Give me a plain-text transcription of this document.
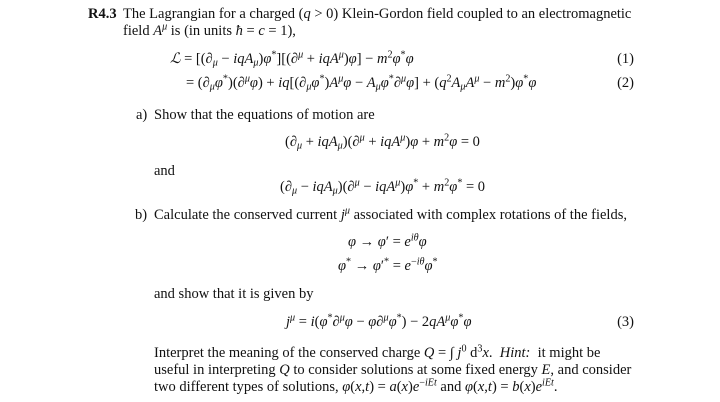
R4.3 The Lagrangian for a charged (q > 0) Klein-Gordon field coupled to an electromagnetic
field $A^\mu$ is (in units ħ = c = 1),
ℒ = $[(\partial_\mu - iqA_\mu)\varphi^*][(\partial^\mu + iqA^\mu)\varphi] - m^2\varphi^*\varphi$	(1)
= $(\partial_\mu\varphi^*)(\partial^\mu\varphi) + iq[(\partial_\mu\varphi^*)A^\mu\varphi - A_\mu\varphi^*\partial^\mu\varphi] + (q^2A_\mu A^\mu - m^2)\varphi^*\varphi$	(2)
a) Show that the equations of motion are
$(\partial_\mu + iqA_\mu)(\partial^\mu + iqA^\mu)\varphi + m^2\varphi = 0$
and
$(\partial_\mu - iqA_\mu)(\partial^\mu - iqA^\mu)\varphi^* + m^2\varphi^* = 0$
b) Calculate the conserved current $j^\mu$ associated with complex rotations of the fields,
$\varphi \to \varphi' = e^{i\theta}\varphi$
$\varphi^* \to \varphi'^* = e^{-i\theta}\varphi^*$
and show that it is given by
$j^\mu = i(\varphi^*\partial^\mu\varphi - \varphi\partial^\mu\varphi^*) - 2qA^\mu\varphi^*\varphi$	(3)
Interpret the meaning of the conserved charge Q = ∫ $j^0$ $d^3x$.  Hint:  it might be
useful in interpreting Q to consider solutions at some fixed energy E, and consider
two different types of solutions, $\varphi(x,t) = a(x)e^{-iEt}$ and $\varphi(x,t) = b(x)e^{iEt}$.
